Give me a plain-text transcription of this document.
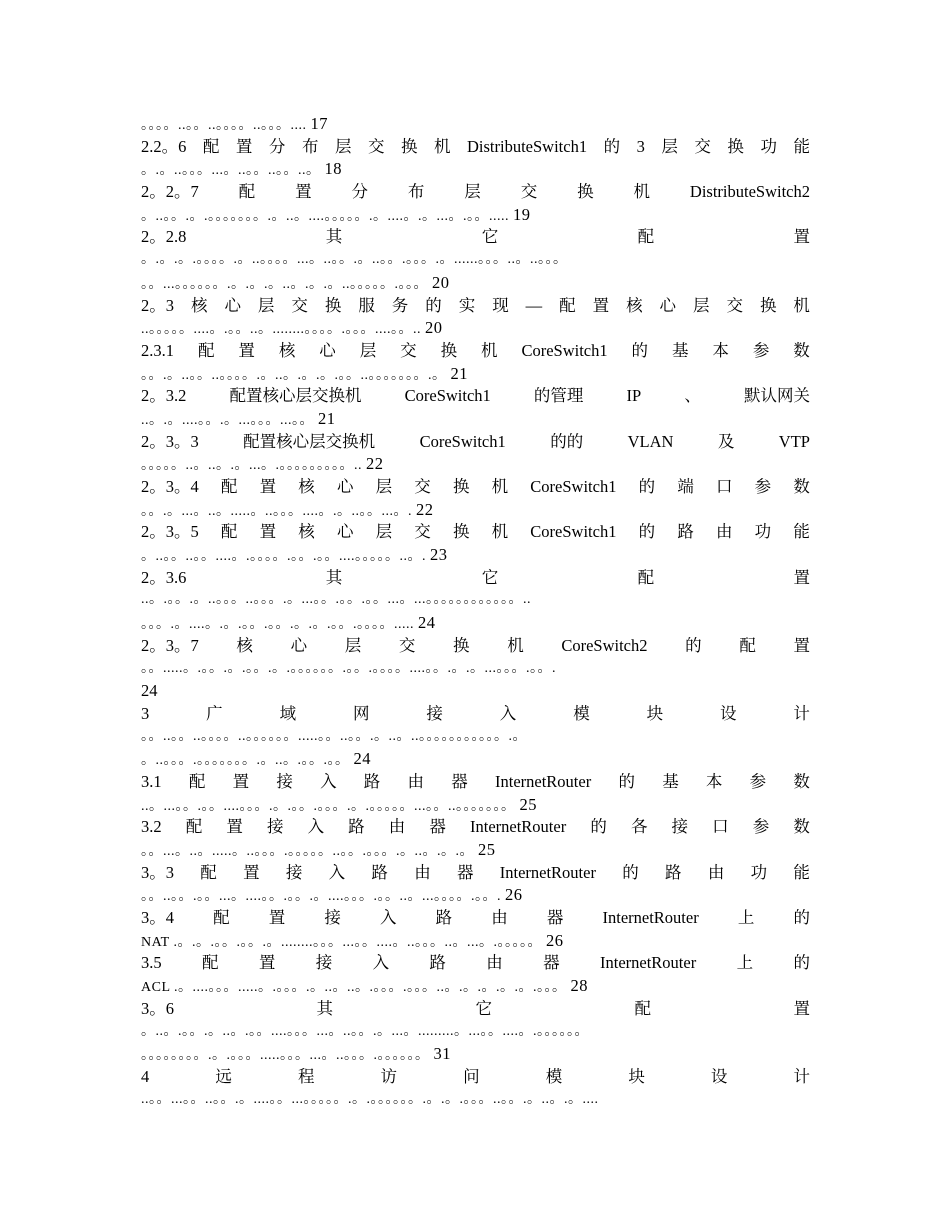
。。。。..。。..。。。。..。。。.... 17
2.2。6 配 置 分 布 层 交 换 机 DistributeSwitch1 的 3 层 交 换 功 能
。.。..。。。...。..。。..。。..。 18
2。2。7 配 置 分 布 层 交 换 机 DistributeSwitch2
。..。。.。.。。。。。。。.。..。....。。。。。.。....。.。...。.。。..... 19
2。2.8	其	它	配	置
。.。.。.。。。。.。..。。。。...。..。。.。..。。.。。。.。......。。。..。..。。。
。。...。。。。。。.。.。.。..。.。.。..。。。。。.。。。 20
2。3 核 心 层 交 换 服 务 的 实 现 — 配 置 核 心 层 交 换 机
..。。。。。....。.。。..。........。。。。.。。。....。。.. 20
2.3.1 配 置 核 心 层 交 换 机 CoreSwitch1 的 基 本 参 数
。。.。..。。..。。。。.。..。.。.。.。。..。。。。。。。.。 21
2。3.2	配置核心层交换机	CoreSwitch1	的管理	IP	、	默认网关
..。.。....。。.。...。。。...。。 21
2。3。3	配置核心层交换机	CoreSwitch1	的的	VLAN	及	VTP
。。。。。..。..。.。...。.。。。。。。。。。.. 22
2。3。4 配 置 核 心 层 交 换 机 CoreSwitch1 的 端 口 参 数
。。.。...。..。.....。..。。。....。.。..。。...。. 22
2。3。5 配 置 核 心 层 交 换 机 CoreSwitch1 的 路 由 功 能
。..。。..。。....。.。。。。.。。.。。....。。。。。..。. 23
2。3.6	其	它	配	置
..。.。。.。..。。。..。。。.。...。。.。。.。。...。...。。。。。。。。。。。。..
。。。.。....。.。.。。.。。.。.。.。。.。。。。..... 24
2。3。7 核 心 层 交 换 机 CoreSwitch2 的 配 置
。。.....。.。。.。.。。.。.。。。。。。.。。.。。。。....。。.。.。...。。。.。。.
24
3	广	域	网	接	入	模	块	设	计
。。..。。..。。。。..。。。。。。.....。。..。。.。..。..。。。。。。。。。。。.。
。..。。。.。。。。。。。.。..。.。。.。。 24
3.1 配 置 接 入 路 由 器 InternetRouter 的 基 本 参 数
..。...。。.。。....。。。.。.。。.。。。.。.。。。。。...。。..。。。。。。。 25
3.2 配 置 接 入 路 由 器 InternetRouter 的 各 接 口 参 数
。。...。..。.....。..。。。.。。。。。..。。.。。。.。..。.。.。 25
3。3 配 置 接 入 路 由 器 InternetRouter 的 路 由 功 能
。。..。。.。。...。....。。.。。.。....。。。.。。..。...。。。。.。。. 26
3。4 配 置 接 入 路 由 器 InternetRouter 上 的
NAT .。.。.。。.。。.。........。。。...。。....。..。。。..。...。.。。。。。 26
3.5 配 置 接 入 路 由 器 InternetRouter 上 的
ACL .。....。。。.....。.。。。.。..。..。.。。。.。。。..。.。.。.。.。.。。。 28
3。6	其	它	配	置
。..。.。。.。..。.。。....。。。...。..。。.。...。.........。...。。....。.。。。。。。
。。。。。。。。.。.。。。.....。。。...。..。。。.。。。。。。 31
4	远	程	访	问	模	块	设	计
..。。...。。..。。.。....。。...。。。。。.。.。。。。。。.。.。.。。。..。。.。..。.。....
